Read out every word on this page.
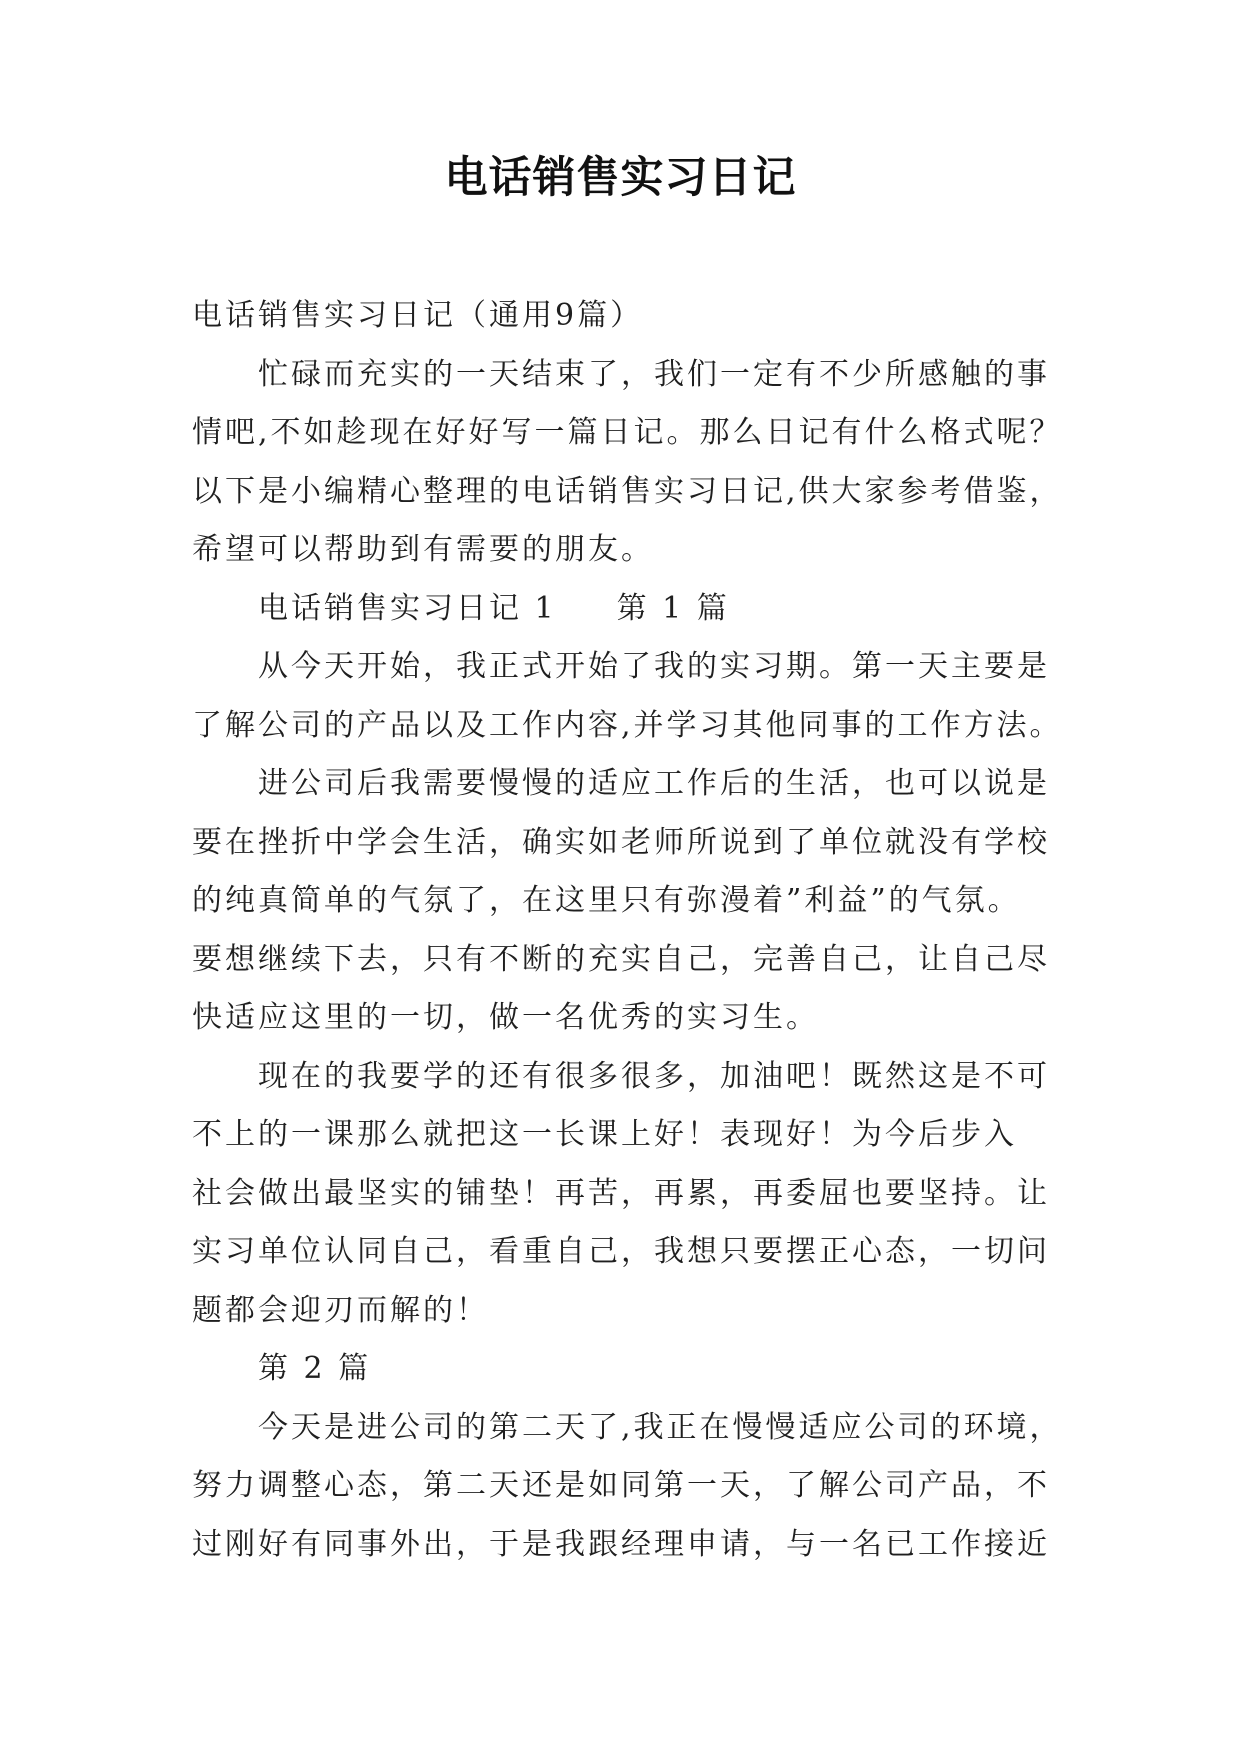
电话销售实习日记
电话销售实习日记（通用9篇）
忙碌而充实的一天结束了，我们一定有不少所感触的事
情吧,不如趁现在好好写一篇日记。那么日记有什么格式呢？
以下是小编精心整理的电话销售实习日记,供大家参考借鉴，
希望可以帮助到有需要的朋友。
电话销售实习日记 1 第 1 篇
从今天开始，我正式开始了我的实习期。第一天主要是
了解公司的产品以及工作内容,并学习其他同事的工作方法。
进公司后我需要慢慢的适应工作后的生活，也可以说是
要在挫折中学会生活，确实如老师所说到了单位就没有学校
的纯真简单的气氛了，在这里只有弥漫着”利益”的气氛。
要想继续下去，只有不断的充实自己，完善自己，让自己尽
快适应这里的一切，做一名优秀的实习生。
现在的我要学的还有很多很多，加油吧！既然这是不可
不上的一课那么就把这一长课上好！表现好！为今后步入
社会做出最坚实的铺垫！再苦，再累，再委屈也要坚持。让
实习单位认同自己，看重自己，我想只要摆正心态，一切问
题都会迎刃而解的！
第 2 篇
今天是进公司的第二天了,我正在慢慢适应公司的环境，
努力调整心态，第二天还是如同第一天，了解公司产品，不
过刚好有同事外出，于是我跟经理申请，与一名已工作接近
